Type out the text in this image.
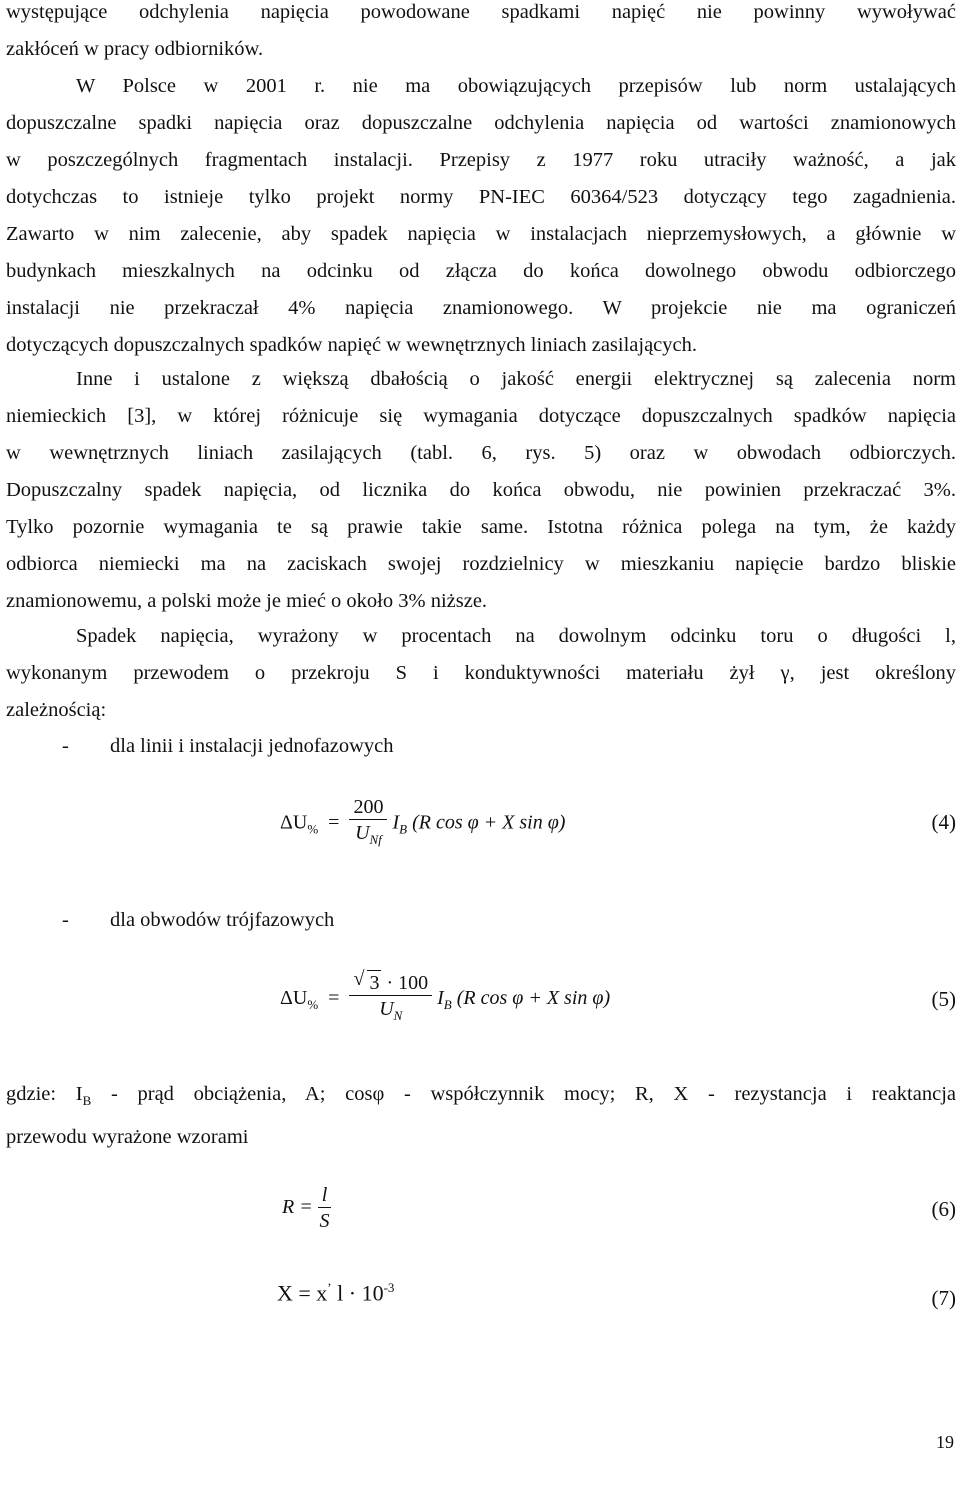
występujące odchylenia napięcia powodowane spadkami napięć nie powinny wywoływać
zakłóceń w pracy odbiorników.
W Polsce w 2001 r. nie ma obowiązujących przepisów lub norm ustalających
dopuszczalne spadki napięcia oraz dopuszczalne odchylenia napięcia od wartości znamionowych
w poszczególnych fragmentach instalacji. Przepisy z 1977 roku utraciły ważność, a jak
dotychczas to istnieje tylko projekt normy PN-IEC 60364/523 dotyczący tego zagadnienia.
Zawarto w nim zalecenie, aby spadek napięcia w instalacjach nieprzemysłowych, a głównie w
budynkach mieszkalnych na odcinku od złącza do końca dowolnego obwodu odbiorczego
instalacji nie przekraczał 4% napięcia znamionowego. W projekcie nie ma ograniczeń
dotyczących dopuszczalnych spadków napięć w wewnętrznych liniach zasilających.
Inne i ustalone z większą dbałością o jakość energii elektrycznej są zalecenia norm
niemieckich [3], w której różnicuje się wymagania dotyczące dopuszczalnych spadków napięcia
w wewnętrznych liniach zasilających (tabl. 6, rys. 5) oraz w obwodach odbiorczych.
Dopuszczalny spadek napięcia, od licznika do końca obwodu, nie powinien przekraczać 3%.
Tylko pozornie wymagania te są prawie takie same. Istotna różnica polega na tym, że każdy
odbiorca niemiecki ma na zaciskach swojej rozdzielnicy w mieszkaniu napięcie bardzo bliskie
znamionowemu, a polski może je mieć o około 3% niższe.
Spadek napięcia, wyrażony w procentach na dowolnym odcinku toru o długości l,
wykonanym przewodem o przekroju S i konduktywności materiału żył γ, jest określony
zależnością:
- dla linii i instalacji jednofazowych
$\Delta U_{\%} = \frac{200}{U_{Nf}} I_B$ (R cos φ + X sin φ)	(4)
- dla obwodów trójfazowych
$\Delta U_{\%}$  =
√ $\frac{3 \cdot 100}{U_N} I_B$ (R cos φ + X sin φ)	(5)
gdzie: $I_B$ - prąd obciążenia, A; cosφ - współczynnik mocy; R, X - rezystancja i reaktancja
przewodu wyrażone wzorami
$R = \frac{l}{S}$	(6)
X = x’ $l \cdot 10^{-3}$	(7)
19
